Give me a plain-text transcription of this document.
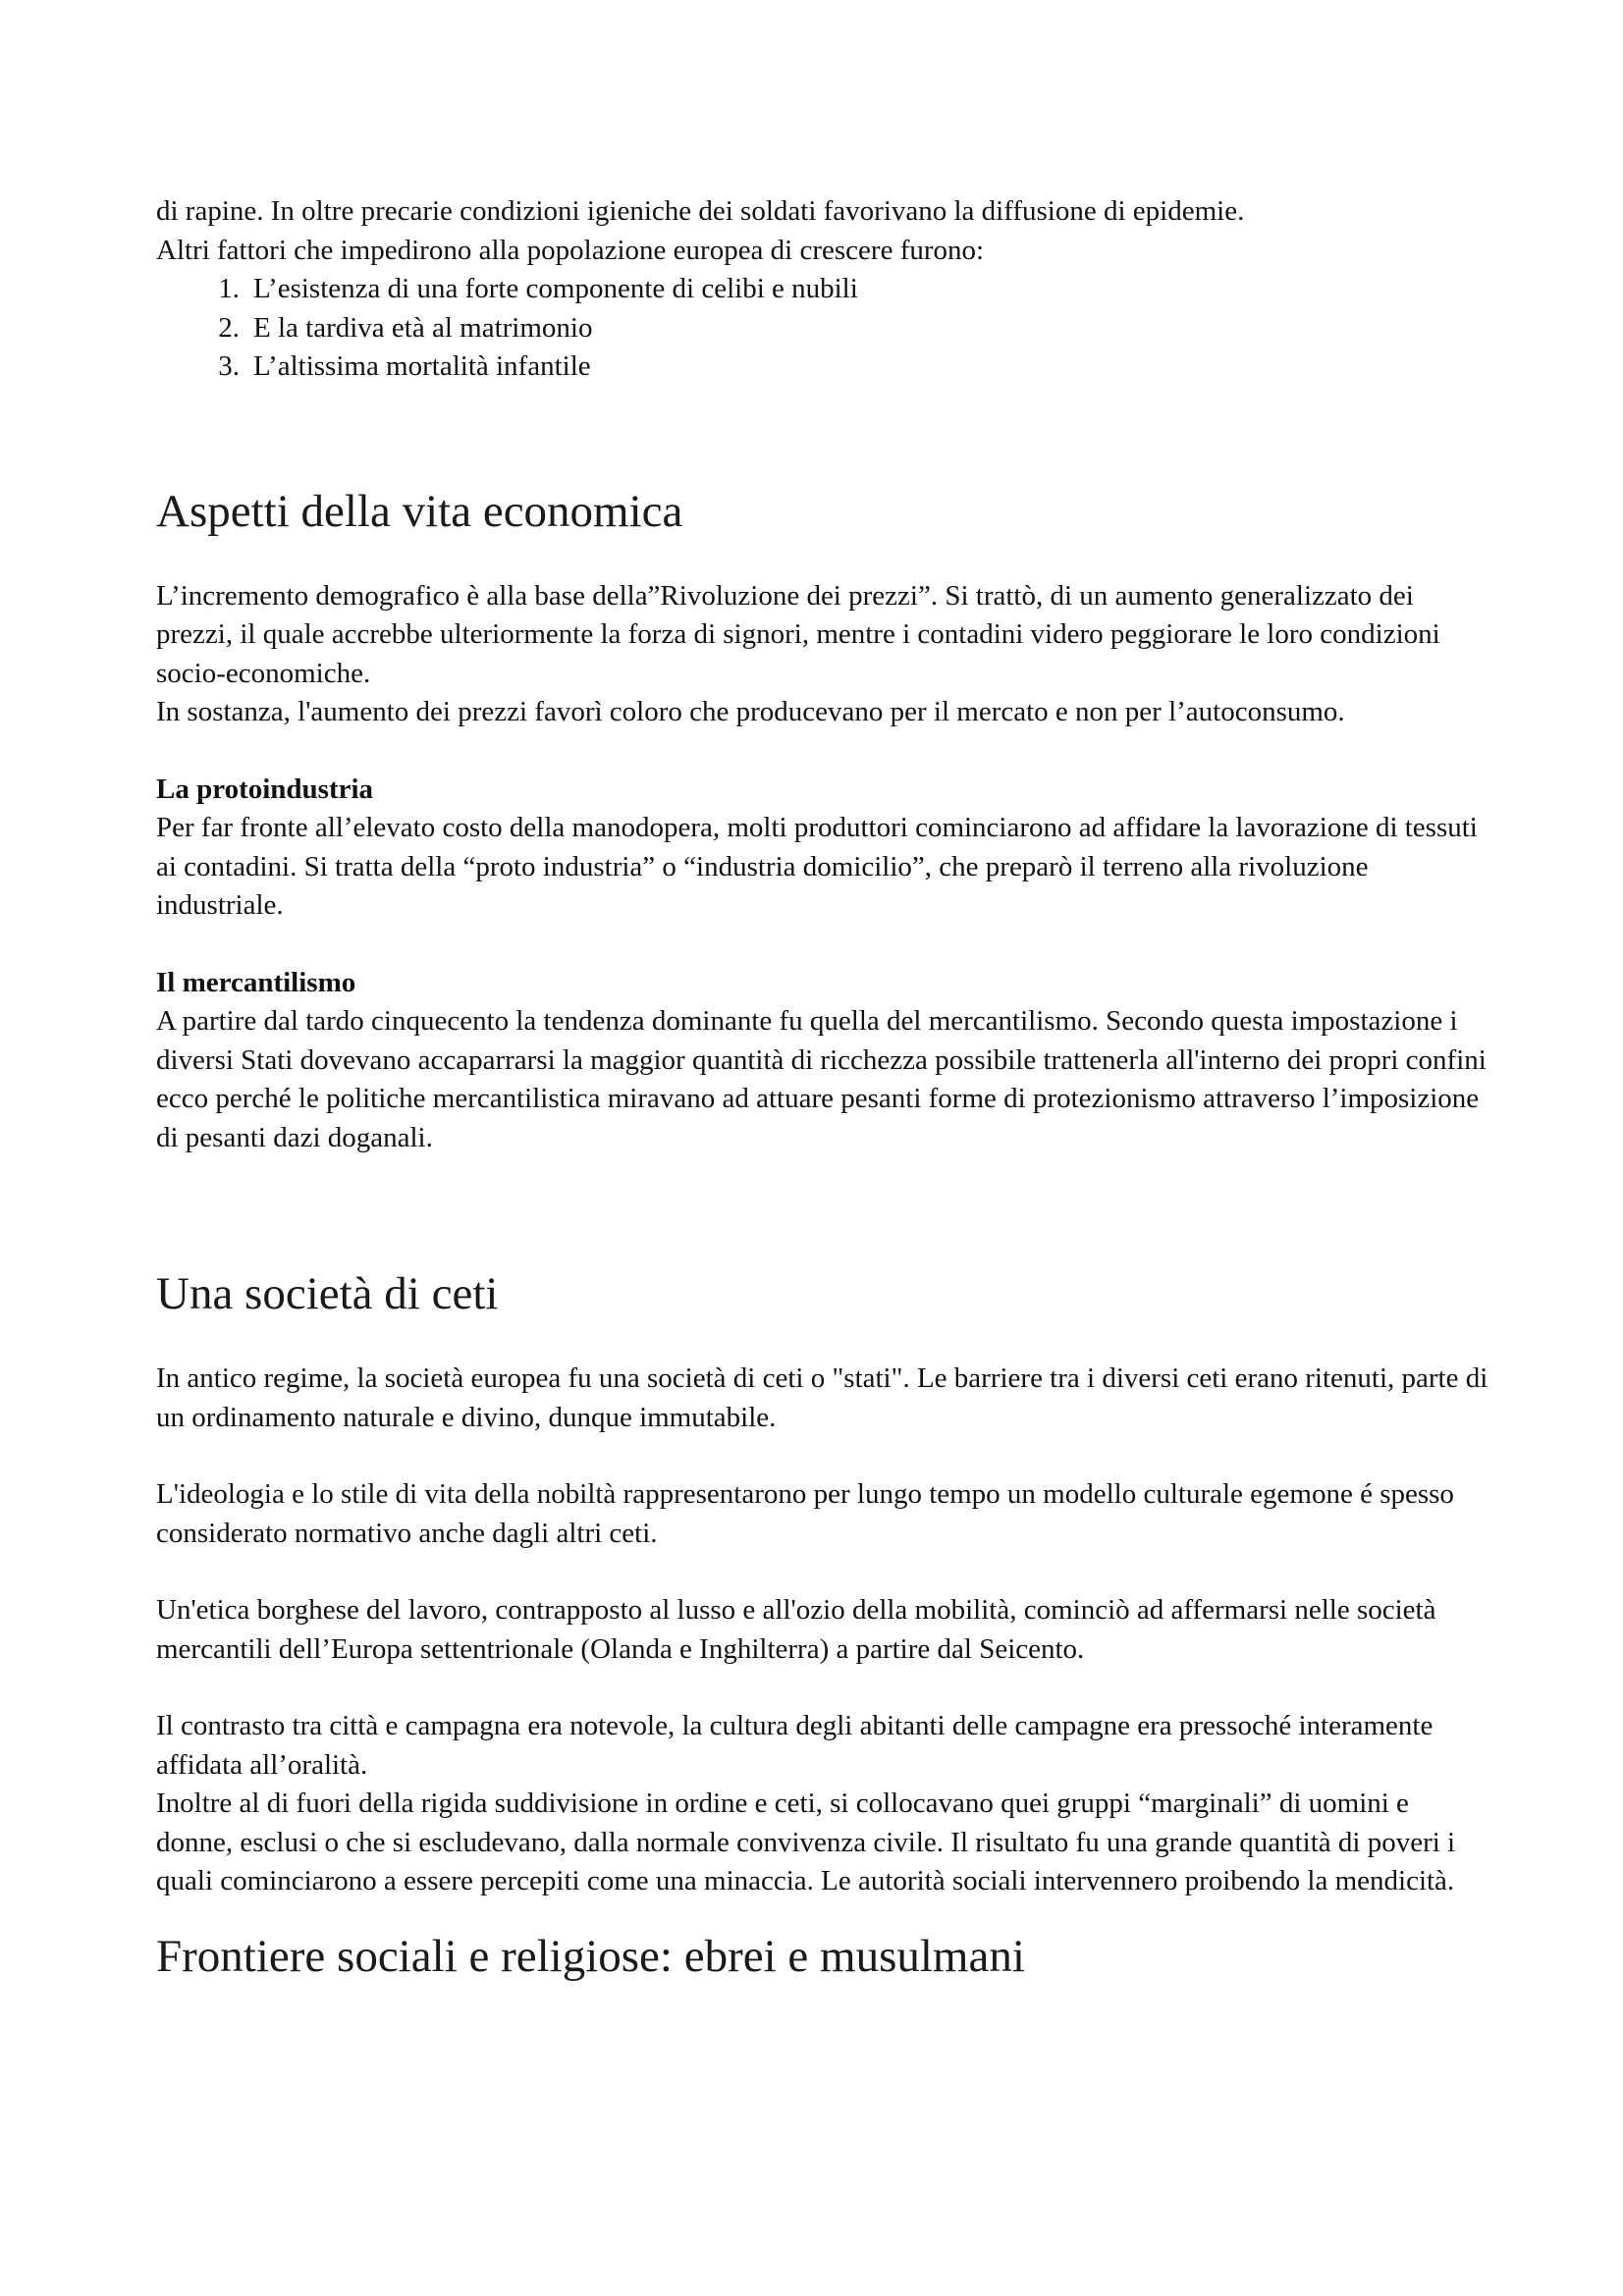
di rapine. In oltre precarie condizioni igieniche dei soldati favorivano la diffusione di epidemie.

Altri fattori che impedirono alla popolazione europea di crescere furono:

1. L’esistenza di una forte componente di celibi e nubili
2. E la tardiva età al matrimonio
3. L’altissima mortalità infantile
Aspetti della vita economica

L’incremento demografico è alla base della”Rivoluzione dei prezzi”. Si trattò, di un aumento generalizzato dei prezzi, il quale accrebbe ulteriormente la forza di signori, mentre i contadini videro peggiorare le loro condizioni socio-economiche.

In sostanza, l'aumento dei prezzi favorì coloro che producevano per il mercato e non per l’autoconsumo.

La protoindustria

Per far fronte all’elevato costo della manodopera, molti produttori cominciarono ad affidare la lavorazione di tessuti ai contadini. Si tratta della “proto industria” o “industria domicilio”, che preparò il terreno alla rivoluzione industriale.

Il mercantilismo

A partire dal tardo cinquecento la tendenza dominante fu quella del mercantilismo. Secondo questa impostazione i diversi Stati dovevano accaparrarsi la maggior quantità di ricchezza possibile trattenerla all'interno dei propri confini ecco perché le politiche mercantilistica miravano ad attuare pesanti forme di protezionismo attraverso l’imposizione di pesanti dazi doganali.

Una società di ceti

In antico regime, la società europea fu una società di ceti o "stati". Le barriere tra i diversi ceti erano ritenuti, parte di un ordinamento naturale e divino, dunque immutabile.

L'ideologia e lo stile di vita della nobiltà rappresentarono per lungo tempo un modello culturale egemone é spesso considerato normativo anche dagli altri ceti.

Un'etica borghese del lavoro, contrapposto al lusso e all'ozio della mobilità, cominciò ad affermarsi nelle società mercantili dell’Europa settentrionale (Olanda e Inghilterra) a partire dal Seicento.

Il contrasto tra città e campagna era notevole, la cultura degli abitanti delle campagne era pressoché interamente affidata all’oralità.

Inoltre al di fuori della rigida suddivisione in ordine e ceti, si collocavano quei gruppi “marginali” di uomini e donne, esclusi o che si escludevano, dalla normale convivenza civile. Il risultato fu una grande quantità di poveri i quali cominciarono a essere percepiti come una minaccia. Le autorità sociali intervennero proibendo la mendicità.

Frontiere sociali e religiose: ebrei e musulmani
